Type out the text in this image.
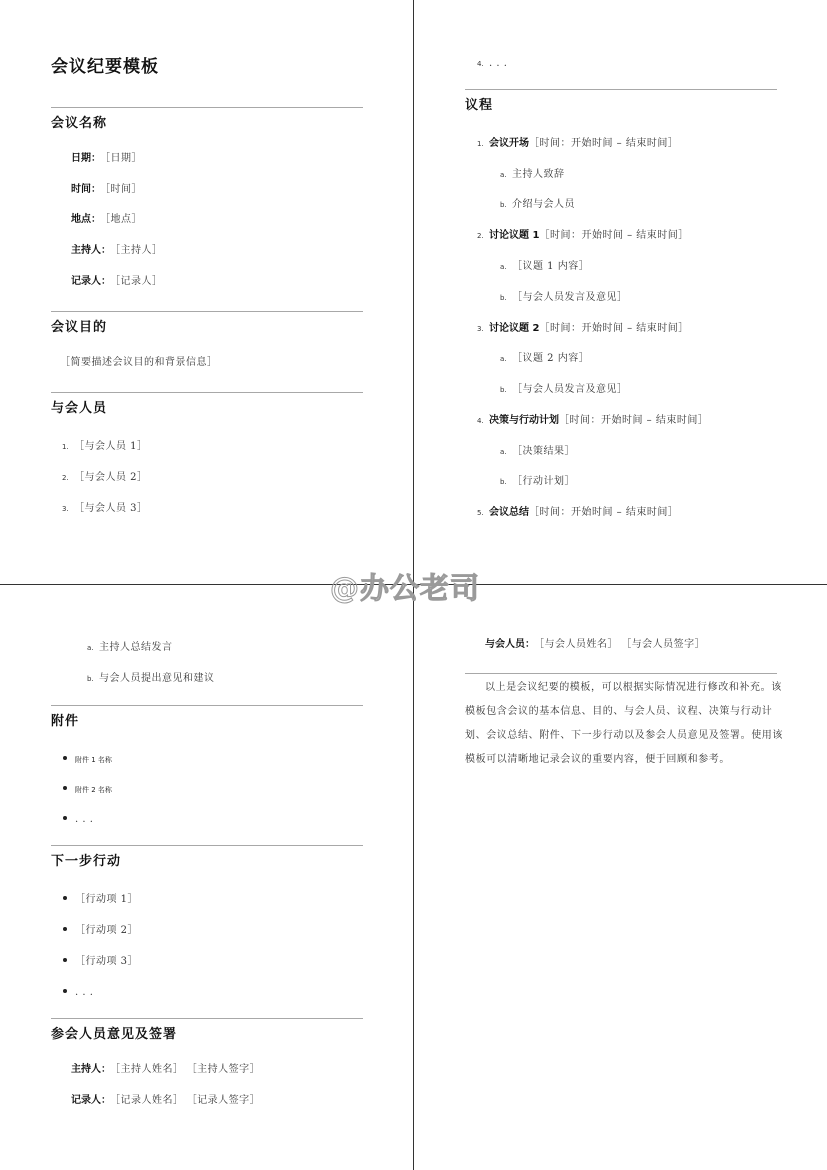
会议纪要模板
会议名称
日期： ［日期］
时间： ［时间］
地点： ［地点］
主持人： ［主持人］
记录人： ［记录人］
会议目的
［简要描述会议目的和背景信息］
与会人员
1. ［与会人员 1］
2. ［与会人员 2］
3. ［与会人员 3］
4. . . .
议程
1. 会议开场［时间：开始时间 – 结束时间］
a. 主持人致辞
b. 介绍与会人员
2. 讨论议题 1［时间：开始时间 – 结束时间］
a. ［议题 1 内容］
b. ［与会人员发言及意见］
3. 讨论议题 2［时间：开始时间 – 结束时间］
a. ［议题 2 内容］
b. ［与会人员发言及意见］
4. 决策与行动计划［时间：开始时间 – 结束时间］
a. ［决策结果］
b. ［行动计划］
5. 会议总结［时间：开始时间 – 结束时间］
@办公老司
a. 主持人总结发言
b. 与会人员提出意见和建议
附件
附件 1 名称
附件 2 名称
. . .
下一步行动
［行动项 1］
［行动项 2］
［行动项 3］
. . .
参会人员意见及签署
主持人： ［主持人姓名］ ［主持人签字］
记录人： ［记录人姓名］ ［记录人签字］
与会人员： ［与会人员姓名］ ［与会人员签字］
以上是会议纪要的模板，可以根据实际情况进行修改和补充。该模板包含会议的基本信息、目的、与会人员、议程、决策与行动计划、会议总结、附件、下一步行动以及参会人员意见及签署。使用该模板可以清晰地记录会议的重要内容，便于回顾和参考。
